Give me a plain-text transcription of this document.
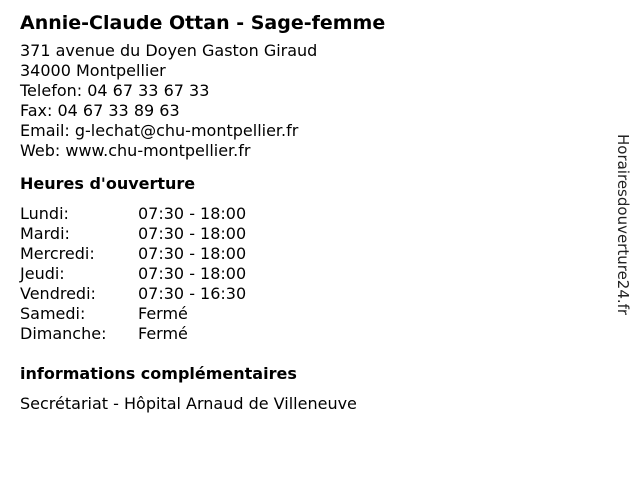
Annie-Claude Ottan - Sage-femme
371 avenue du Doyen Gaston Giraud
34000 Montpellier
Telefon: 04 67 33 67 33
Fax: 04 67 33 89 63
Email: g-lechat@chu-montpellier.fr
Web: www.chu-montpellier.fr
Heures d'ouverture
Lundi:	07:30 - 18:00
Mardi:	07:30 - 18:00
Mercredi:	07:30 - 18:00
Jeudi:	07:30 - 18:00
Vendredi:	07:30 - 16:30
Samedi:	Fermé
Dimanche:	Fermé
informations complémentaires
Secrétariat - Hôpital Arnaud de Villeneuve
Horairesdouverture24.fr
